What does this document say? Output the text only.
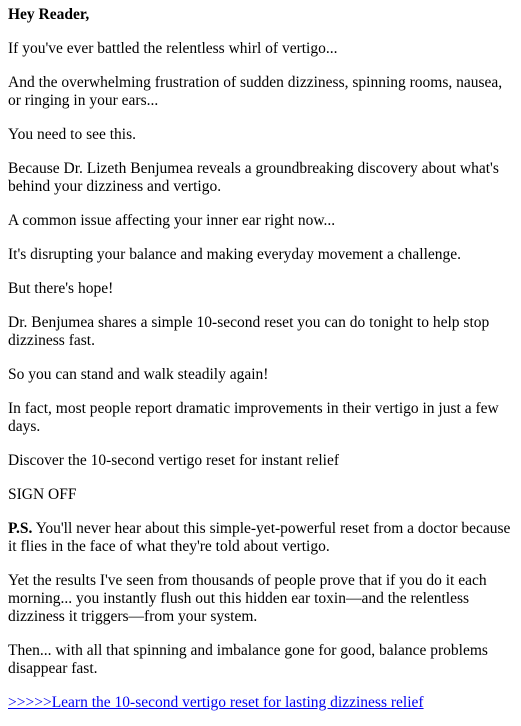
Hey Reader,
If you've ever battled the relentless whirl of vertigo...
And the overwhelming frustration of sudden dizziness, spinning rooms, nausea, or ringing in your ears...
You need to see this.
Because Dr. Lizeth Benjumea reveals a groundbreaking discovery about what's behind your dizziness and vertigo.
A common issue affecting your inner ear right now...
It's disrupting your balance and making everyday movement a challenge.
But there's hope!
Dr. Benjumea shares a simple 10-second reset you can do tonight to help stop dizziness fast.
So you can stand and walk steadily again!
In fact, most people report dramatic improvements in their vertigo in just a few days.
Discover the 10-second vertigo reset for instant relief
SIGN OFF
P.S. You'll never hear about this simple-yet-powerful reset from a doctor because it flies in the face of what they're told about vertigo.
Yet the results I've seen from thousands of people prove that if you do it each morning... you instantly flush out this hidden ear toxin—and the relentless dizziness it triggers—from your system.
Then... with all that spinning and imbalance gone for good, balance problems disappear fast.
>>>>>Learn the 10-second vertigo reset for lasting dizziness relief
